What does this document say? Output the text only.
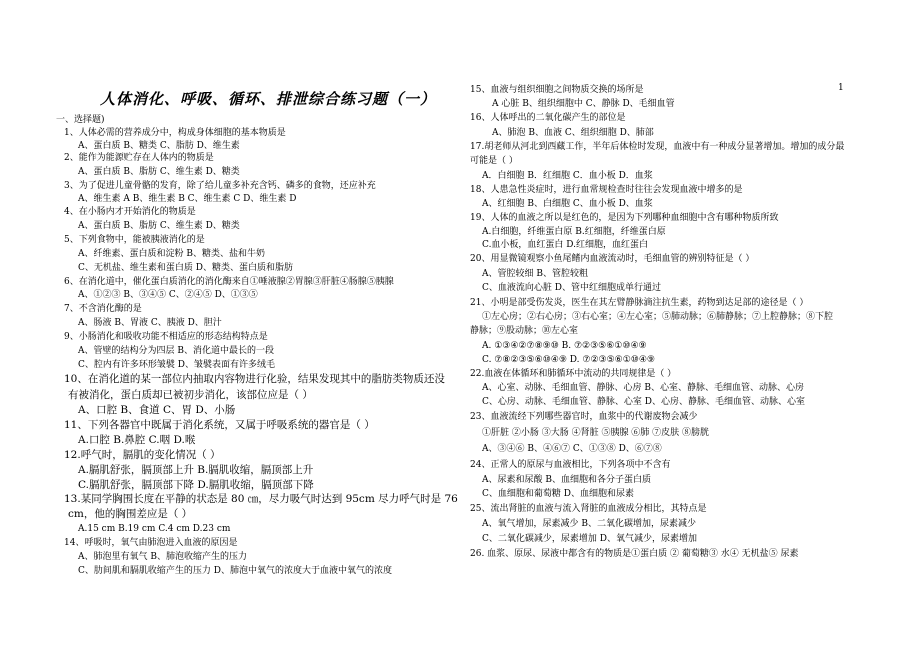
人体消化、呼吸、循环、排泄综合练习题（一）
1
一、选择题)
1、人体必需的营养成分中，构成身体细胞的基本物质是
A、蛋白质 B、糖类 C、脂肪 D、维生素
2、能作为能源贮存在人体内的物质是
A、蛋白质 B、脂肪 C、维生素 D、糖类
3、为了促进儿童骨骼的发育，除了给儿童多补充含钙、磷多的食物，还应补充
A、维生素 A B、维生素 B C、维生素 C D、维生素 D
4、在小肠内才开始消化的物质是
A、蛋白质 B、脂肪 C、维生素 D、糖类
5、下列食物中，能被胰液消化的是
A、纤维素、蛋白质和淀粉 B、糖类、盐和牛奶
C、无机盐、维生素和蛋白质 D、糖类、蛋白质和脂肪
6、在消化道中，催化蛋白质消化的消化酶来自①唾液腺②胃腺③肝脏④肠腺⑤胰腺
A、①②③ B、③④⑤ C、②④⑤ D、①③⑤
7、不含消化酶的是
A、肠液 B、胃液 C、胰液 D、胆汁
9、小肠消化和吸收功能不相适应的形态结构特点是
A、管壁的结构分为四层 B、消化道中最长的一段
C、腔内有许多环形皱襞 D、皱襞表面有许多绒毛
10、在消化道的某一部位内抽取内容物进行化验，结果发现其中的脂肪类物质还没
有被消化，蛋白质却已被初步消化，该部位应是（ ）
A、口腔 B、食道 C、胃 D、小肠
11、下列各器官中既属于消化系统，又属于呼吸系统的器官是（ ）
A.口腔 B.鼻腔 C.咽 D.喉
12.呼气时，膈肌的变化情况（ ）
A.膈肌舒张，膈顶部上升 B.膈肌收缩，膈顶部上升
C.膈肌舒张，膈顶部下降 D.膈肌收缩，膈顶部下降
13.某同学胸围长度在平静的状态是 80 ㎝，尽力吸气时达到 95cm 尽力呼气时是 76
cm，他的胸围差应是（ ）
A.15 cm B.19 cm C.4 cm D.23 cm
14、呼吸时，氧气由肺泡进入血液的原因是
A、肺泡里有氧气 B、肺泡收缩产生的压力
C、肋间肌和膈肌收缩产生的压力 D、肺泡中氧气的浓度大于血液中氧气的浓度
15、血液与组织细胞之间物质交换的场所是
A 心脏 B、组织细胞中 C、静脉 D、毛细血管
16、人体呼出的二氧化碳产生的部位是
A、肺泡 B、血液 C、组织细胞 D、肺部
17.胡老师从河北到西藏工作，半年后体检时发现，血液中有一种成分显著增加。增加的成分最
可能是（ ）
A．白细胞 B．红细胞 C．血小板 D．血浆
18、人患急性炎症时，进行血常规检查时往往会发现血液中增多的是
A、红细胞 B、白细胞 C、血小板 D、血浆
19、人体的血液之所以是红色的，是因为下列哪种血细胞中含有哪种物质所致
A.白细胞，纤维蛋白原 B.红细胞，纤维蛋白原
C.血小板，血红蛋白 D.红细胞，血红蛋白
20、用显微镜观察小鱼尾鳍内血液流动时，毛细血管的辨别特征是（ ）
A、管腔较细 B、管腔较粗
C、血液流向心脏 D、管中红细胞成单行通过
21、小明是部受伤发炎，医生在其左臂静脉滴注抗生素，药物到达足部的途径是（ ）
①左心房；②右心房；③右心室；④左心室；⑤肺动脉；⑥肺静脉；⑦上腔静脉；⑧下腔
静脉；⑨股动脉；⑩左心室
A. ①③④②⑦⑧⑨⑩ B. ⑦②③⑤⑥①⑩④⑨
C. ⑦⑧②③⑤⑥⑩④⑨ D. ⑦②③⑤⑥①⑩④⑨
22.血液在体循环和肺循环中流动的共同规律是（ ）
A、心室、动脉、毛细血管、静脉、心房 B、心室、静脉、毛细血管、动脉、心房
C、心房、动脉、毛细血管、静脉、心室 D、心房、静脉、毛细血管、动脉、心室
23、血液流经下列哪些器官时，血浆中的代谢废物会减少
①肝脏 ②小肠 ③大肠 ④肾脏 ⑤胰腺 ⑥肺 ⑦皮肤 ⑧膀胱
A、③④⑥ B、④⑥⑦ C、①③⑧ D、⑥⑦⑧
24、正常人的原尿与血液相比，下列各项中不含有
A、尿素和尿酸 B、血细胞和各分子蛋白质
C、血细胞和葡萄糖 D、血细胞和尿素
25、流出肾脏的血液与流入肾脏的血液成分相比，其特点是
A、氧气增加，尿素减少 B、二氧化碳增加，尿素减少
C、二氧化碳减少，尿素增加 D、氧气减少，尿素增加
26. 血浆、原尿、尿液中都含有的物质是①蛋白质 ② 葡萄糖③ 水④ 无机盐⑤ 尿素
